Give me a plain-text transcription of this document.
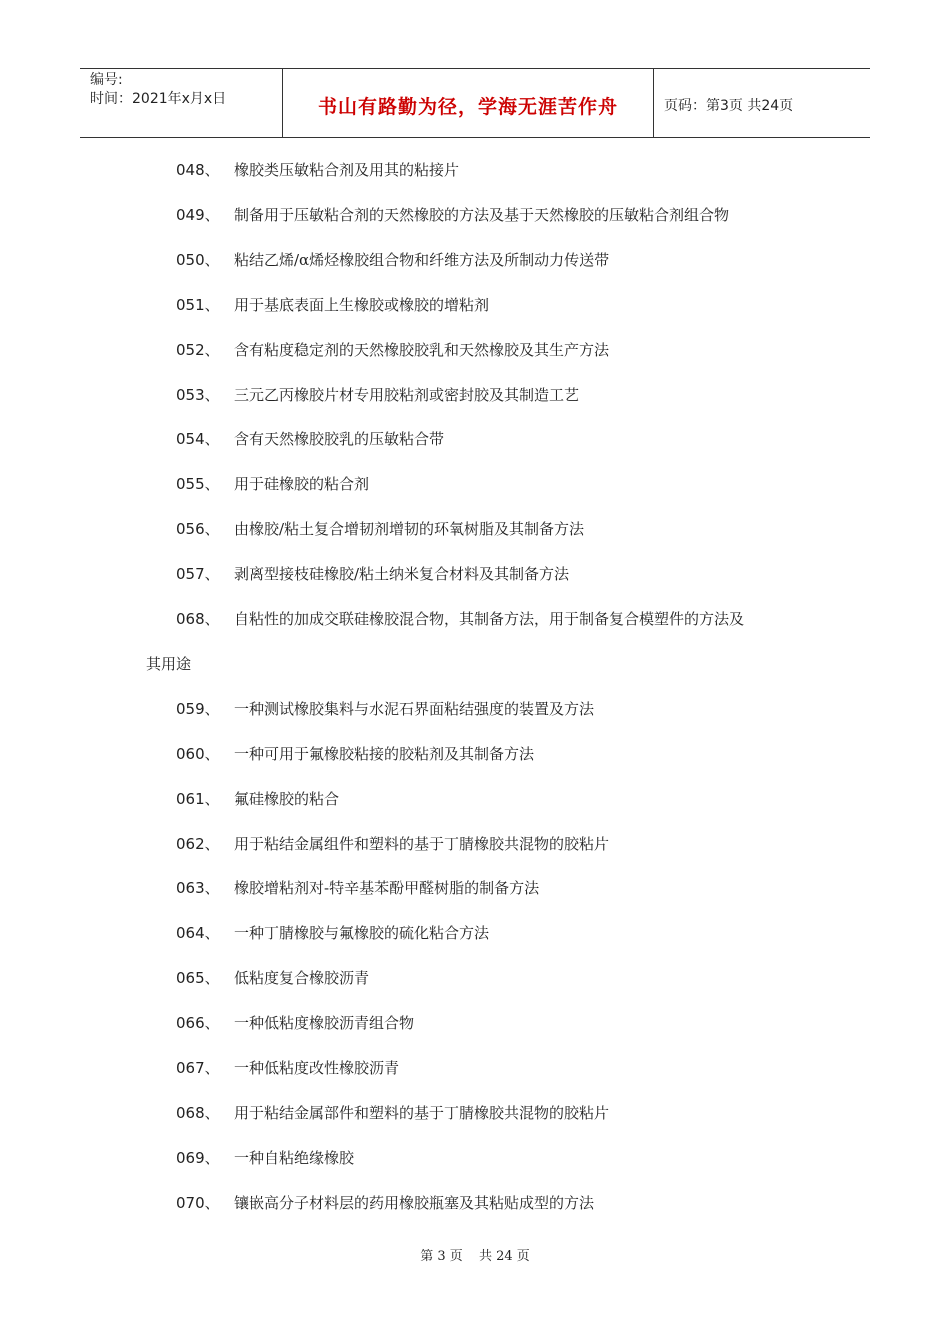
编号:
时间：2021年x月x日	书山有路勤为径，学海无涯苦作舟	页码：第3页 共24页
048、 橡胶类压敏粘合剂及用其的粘接片
049、 制备用于压敏粘合剂的天然橡胶的方法及基于天然橡胶的压敏粘合剂组合物
050、 粘结乙烯/α烯烃橡胶组合物和纤维方法及所制动力传送带
051、 用于基底表面上生橡胶或橡胶的增粘剂
052、 含有粘度稳定剂的天然橡胶胶乳和天然橡胶及其生产方法
053、 三元乙丙橡胶片材专用胶粘剂或密封胶及其制造工艺
054、 含有天然橡胶胶乳的压敏粘合带
055、 用于硅橡胶的粘合剂
056、 由橡胶/粘土复合增韧剂增韧的环氧树脂及其制备方法
057、 剥离型接枝硅橡胶/粘土纳米复合材料及其制备方法
068、 自粘性的加成交联硅橡胶混合物，其制备方法，用于制备复合模塑件的方法及
其用途
059、 一种测试橡胶集料与水泥石界面粘结强度的装置及方法
060、 一种可用于氟橡胶粘接的胶粘剂及其制备方法
061、 氟硅橡胶的粘合
062、 用于粘结金属组件和塑料的基于丁腈橡胶共混物的胶粘片
063、 橡胶增粘剂对-特辛基苯酚甲醛树脂的制备方法
064、 一种丁腈橡胶与氟橡胶的硫化粘合方法
065、 低粘度复合橡胶沥青
066、 一种低粘度橡胶沥青组合物
067、 一种低粘度改性橡胶沥青
068、 用于粘结金属部件和塑料的基于丁腈橡胶共混物的胶粘片
069、 一种自粘绝缘橡胶
070、 镶嵌高分子材料层的药用橡胶瓶塞及其粘贴成型的方法
第 3 页 共 24 页
